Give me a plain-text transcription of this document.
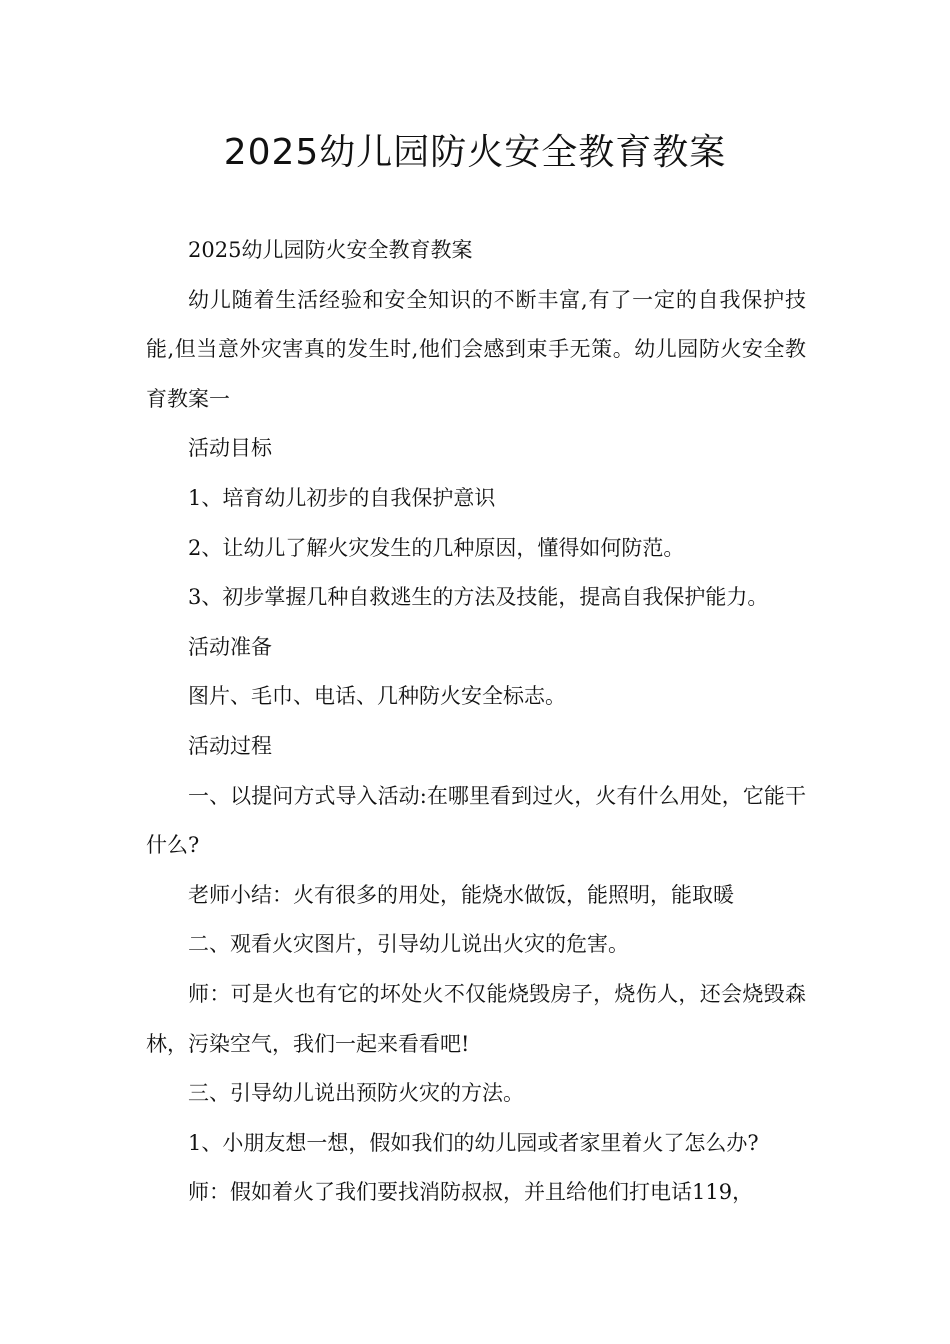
2025幼儿园防火安全教育教案

2025幼儿园防火安全教育教案

幼儿随着生活经验和安全知识的不断丰富,有了一定的自我保护技能,但当意外灾害真的发生时,他们会感到束手无策。幼儿园防火安全教育教案一

活动目标

1、培育幼儿初步的自我保护意识

2、让幼儿了解火灾发生的几种原因，懂得如何防范。

3、初步掌握几种自救逃生的方法及技能，提高自我保护能力。

活动准备

图片、毛巾、电话、几种防火安全标志。

活动过程

一、以提问方式导入活动:在哪里看到过火，火有什么用处，它能干什么?

老师小结：火有很多的用处，能烧水做饭，能照明，能取暖

二、观看火灾图片，引导幼儿说出火灾的危害。

师：可是火也有它的坏处火不仅能烧毁房子，烧伤人，还会烧毁森林，污染空气，我们一起来看看吧!

三、引导幼儿说出预防火灾的方法。

1、小朋友想一想，假如我们的幼儿园或者家里着火了怎么办?

师：假如着火了我们要找消防叔叔，并且给他们打电话119，
